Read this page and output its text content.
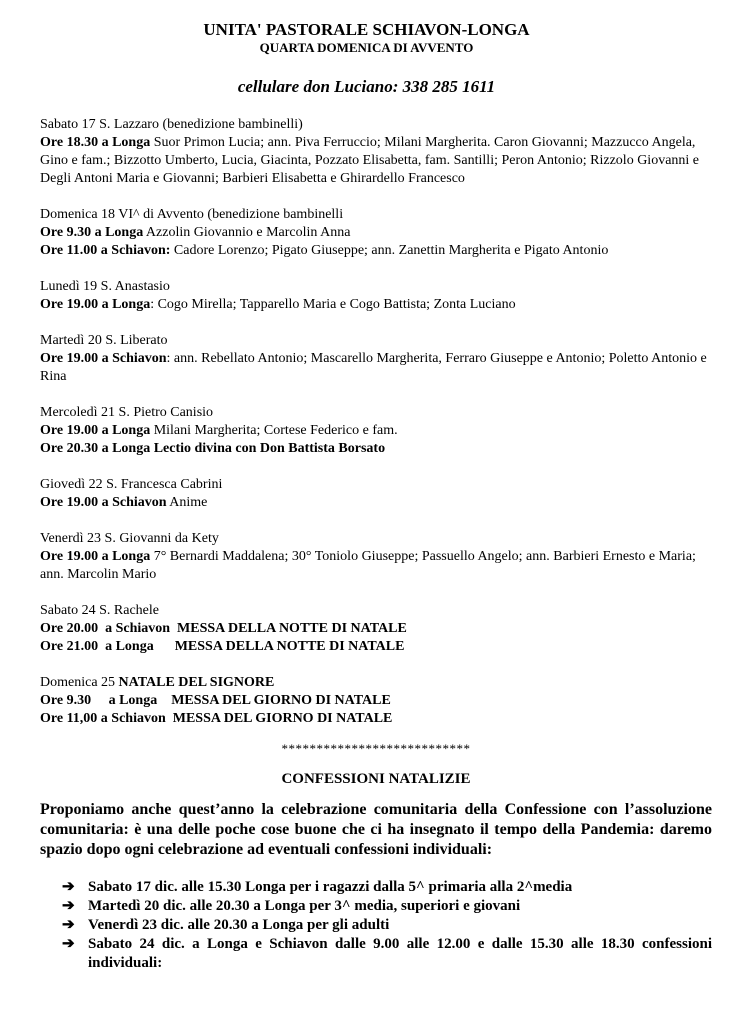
UNITA' PASTORALE SCHIAVON-LONGA
QUARTA DOMENICA DI AVVENTO
cellulare don Luciano: 338 285 1611
Sabato 17 S. Lazzaro (benedizione bambinelli)
Ore 18.30 a Longa Suor Primon Lucia; ann. Piva Ferruccio; Milani Margherita. Caron Giovanni; Mazzucco Angela, Gino e fam.; Bizzotto Umberto, Lucia, Giacinta, Pozzato Elisabetta, fam. Santilli; Peron Antonio; Rizzolo Giovanni e Degli Antoni Maria e Giovanni; Barbieri Elisabetta e Ghirardello Francesco
Domenica 18 VI^ di Avvento (benedizione bambinelli
Ore 9.30 a Longa Azzolin Giovannio e Marcolin Anna
Ore 11.00 a Schiavon: Cadore Lorenzo; Pigato Giuseppe; ann. Zanettin Margherita e Pigato Antonio
Lunedì 19 S. Anastasio
Ore 19.00 a Longa: Cogo Mirella; Tapparello Maria e Cogo Battista; Zonta Luciano
Martedì 20 S. Liberato
Ore 19.00 a Schiavon: ann. Rebellato Antonio; Mascarello Margherita, Ferraro Giuseppe e Antonio; Poletto Antonio e Rina
Mercoledì 21 S. Pietro Canisio
Ore 19.00 a Longa Milani Margherita; Cortese Federico e fam.
Ore 20.30 a Longa Lectio divina con Don Battista Borsato
Giovedì 22 S. Francesca Cabrini
Ore 19.00 a Schiavon Anime
Venerdì 23 S. Giovanni da Kety
Ore 19.00 a Longa 7° Bernardi Maddalena; 30° Toniolo Giuseppe; Passuello Angelo; ann. Barbieri Ernesto e Maria; ann. Marcolin Mario
Sabato 24 S. Rachele
Ore 20.00  a Schiavon  MESSA DELLA NOTTE DI NATALE
Ore 21.00  a Longa      MESSA DELLA NOTTE DI NATALE
Domenica 25 NATALE DEL SIGNORE
Ore 9.30     a Longa    MESSA DEL GIORNO DI NATALE
Ore 11,00 a Schiavon  MESSA DEL GIORNO DI NATALE
***************************
CONFESSIONI NATALIZIE
Proponiamo anche quest’anno la celebrazione comunitaria della Confessione con l’assoluzione comunitaria: è una delle poche cose buone che ci ha insegnato il tempo della Pandemia: daremo spazio dopo ogni celebrazione ad eventuali confessioni individuali:
➔ Sabato 17 dic. alle 15.30 Longa per i ragazzi dalla 5^ primaria alla 2^media
➔ Martedì 20 dic. alle 20.30 a Longa per 3^ media, superiori e giovani
➔ Venerdì 23 dic. alle 20.30 a Longa per gli adulti
➔ Sabato 24 dic. a Longa e Schiavon dalle 9.00 alle 12.00 e dalle 15.30 alle 18.30 confessioni individuali:
